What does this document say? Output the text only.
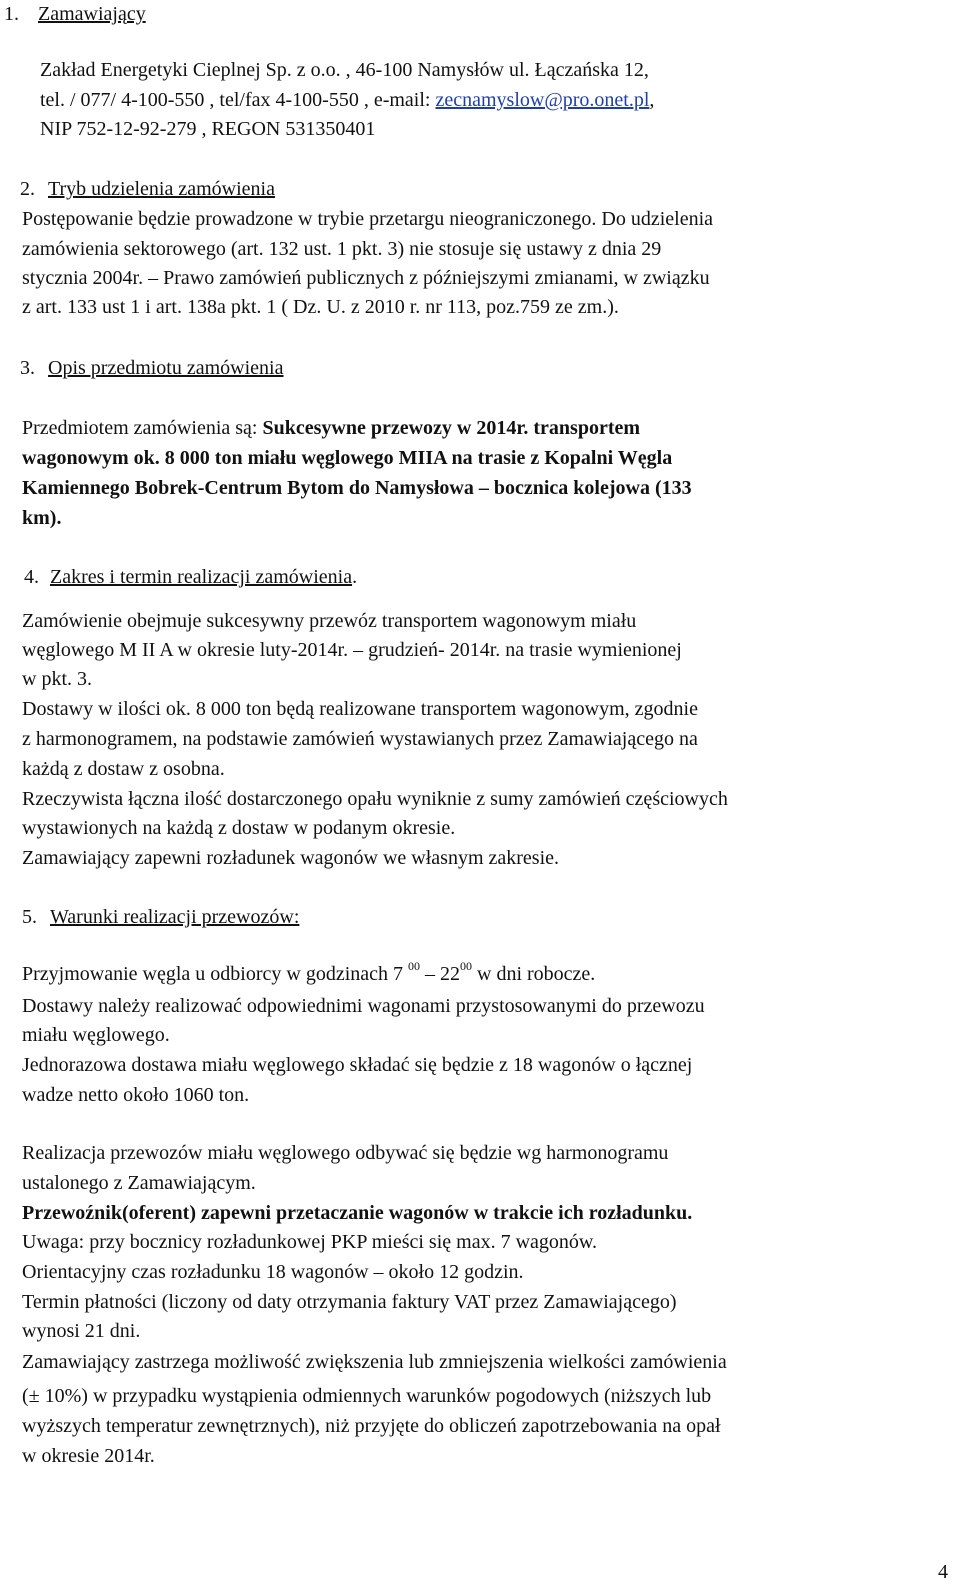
1. Zamawiający
Zakład Energetyki Cieplnej Sp. z o.o. , 46-100 Namysłów ul. Łączańska 12,
tel. / 077/ 4-100-550 , tel/fax 4-100-550 , e-mail: zecnamyslow@pro.onet.pl,
NIP 752-12-92-279 , REGON 531350401
2. Tryb udzielenia zamówienia
Postępowanie będzie prowadzone w trybie przetargu nieograniczonego. Do udzielenia
zamówienia sektorowego (art. 132 ust. 1 pkt. 3) nie stosuje się ustawy z dnia 29
stycznia 2004r. – Prawo zamówień publicznych z późniejszymi zmianami, w związku
z art. 133 ust 1 i art. 138a pkt. 1 ( Dz. U. z 2010 r. nr 113, poz.759 ze zm.).
3. Opis przedmiotu zamówienia
Przedmiotem zamówienia są: Sukcesywne przewozy w 2014r. transportem
wagonowym ok. 8 000 ton miału węglowego MIIA na trasie z Kopalni Węgla
Kamiennego Bobrek-Centrum Bytom do Namysłowa – bocznica kolejowa (133
km).
4. Zakres i termin realizacji zamówienia.
Zamówienie obejmuje sukcesywny przewóz transportem wagonowym miału
węglowego M II A w okresie luty-2014r. – grudzień- 2014r. na trasie wymienionej
w pkt. 3.
Dostawy w ilości ok. 8 000 ton będą realizowane transportem wagonowym, zgodnie
z harmonogramem, na podstawie zamówień wystawianych przez Zamawiającego na
każdą z dostaw z osobna.
Rzeczywista łączna ilość dostarczonego opału wyniknie z sumy zamówień częściowych
wystawionych na każdą z dostaw w podanym okresie.
Zamawiający zapewni rozładunek wagonów we własnym zakresie.
5. Warunki realizacji przewozów:
Przyjmowanie węgla u odbiorcy w godzinach 7 $^{00} - 22^{00}$ w dni robocze.
Dostawy należy realizować odpowiednimi wagonami przystosowanymi do przewozu
miału węglowego.
Jednorazowa dostawa miału węglowego składać się będzie z 18 wagonów o łącznej
wadze netto około 1060 ton.
Realizacja przewozów miału węglowego odbywać się będzie wg harmonogramu
ustalonego z Zamawiającym.
Przewoźnik(oferent) zapewni przetaczanie wagonów w trakcie ich rozładunku.
Uwaga: przy bocznicy rozładunkowej PKP mieści się max. 7 wagonów.
Orientacyjny czas rozładunku 18 wagonów – około 12 godzin.
Termin płatności (liczony od daty otrzymania faktury VAT przez Zamawiającego)
wynosi 21 dni.
Zamawiający zastrzega możliwość zwiększenia lub zmniejszenia wielkości zamówienia
(± 10%) w przypadku wystąpienia odmiennych warunków pogodowych (niższych lub
wyższych temperatur zewnętrznych), niż przyjęte do obliczeń zapotrzebowania na opał
w okresie 2014r.
4
